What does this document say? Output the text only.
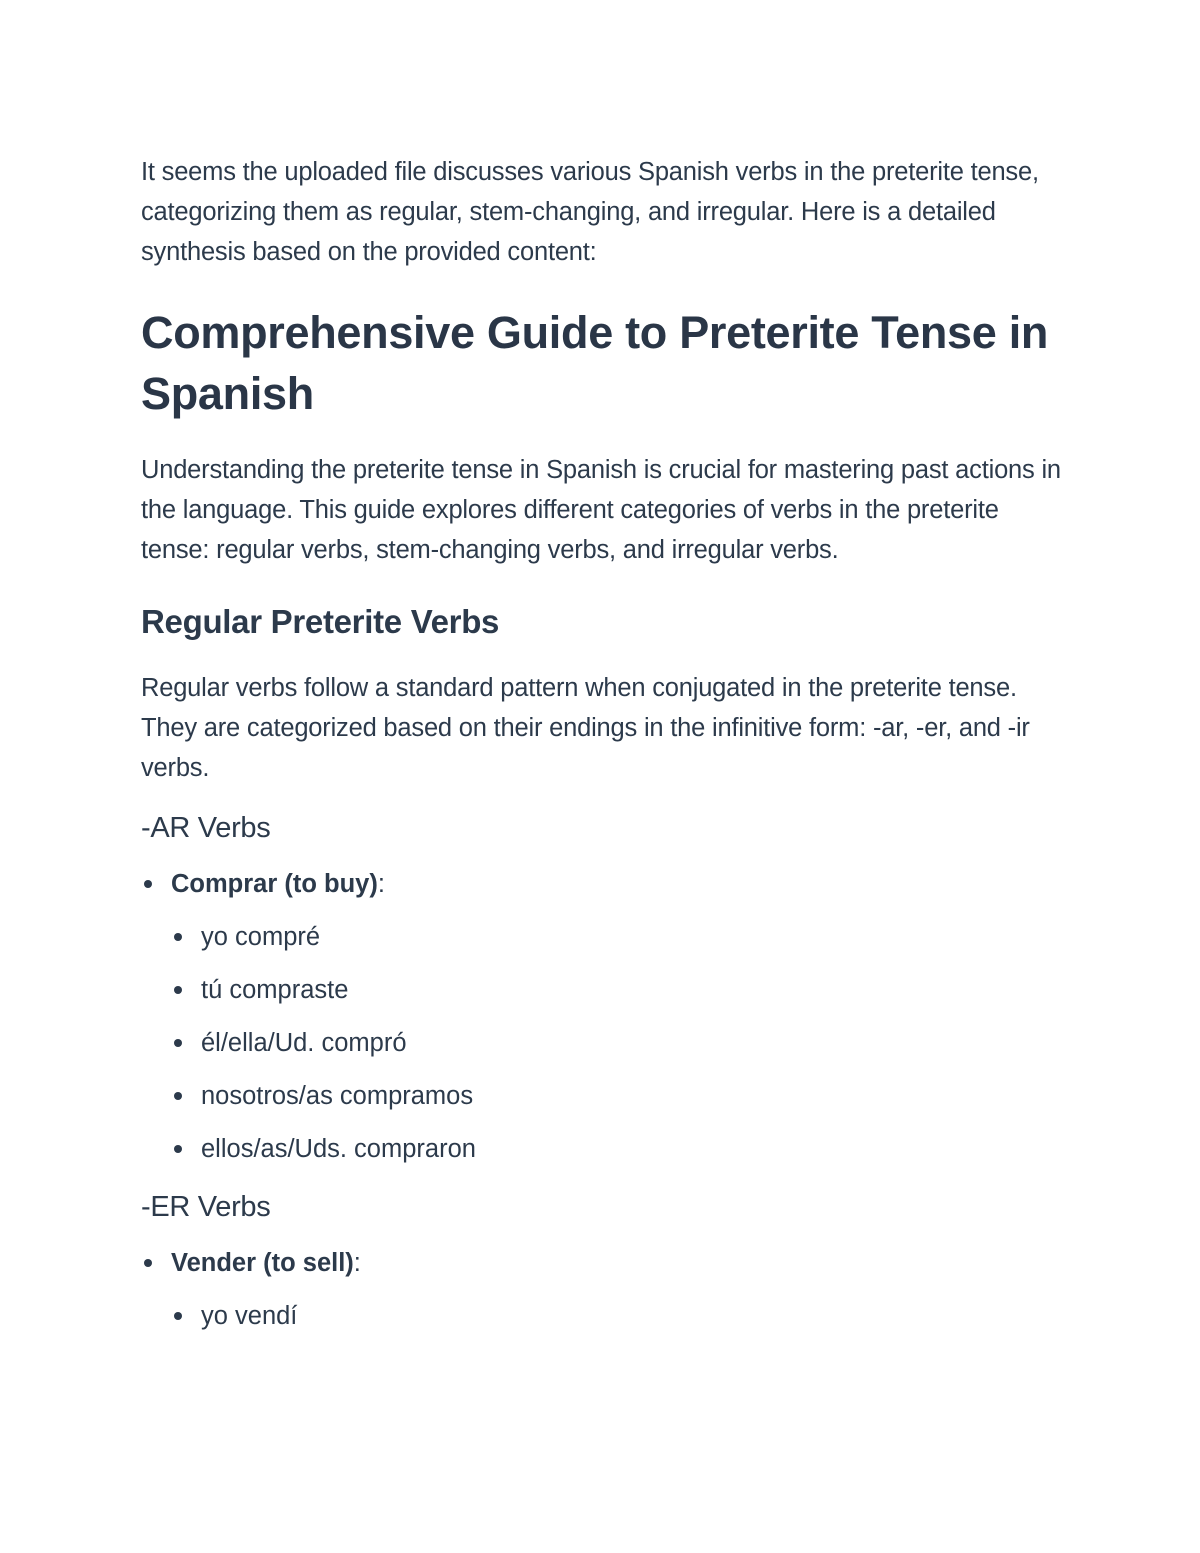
It seems the uploaded file discusses various Spanish verbs in the preterite tense, categorizing them as regular, stem-changing, and irregular. Here is a detailed synthesis based on the provided content:

Comprehensive Guide to Preterite Tense in Spanish

Understanding the preterite tense in Spanish is crucial for mastering past actions in the language. This guide explores different categories of verbs in the preterite tense: regular verbs, stem-changing verbs, and irregular verbs.

Regular Preterite Verbs

Regular verbs follow a standard pattern when conjugated in the preterite tense. They are categorized based on their endings in the infinitive form: -ar, -er, and -ir verbs.

-AR Verbs
Comprar (to buy):
yo compré
tú compraste
él/ella/Ud. compró
nosotros/as compramos
ellos/as/Uds. compraron
-ER Verbs
Vender (to sell):
yo vendí
